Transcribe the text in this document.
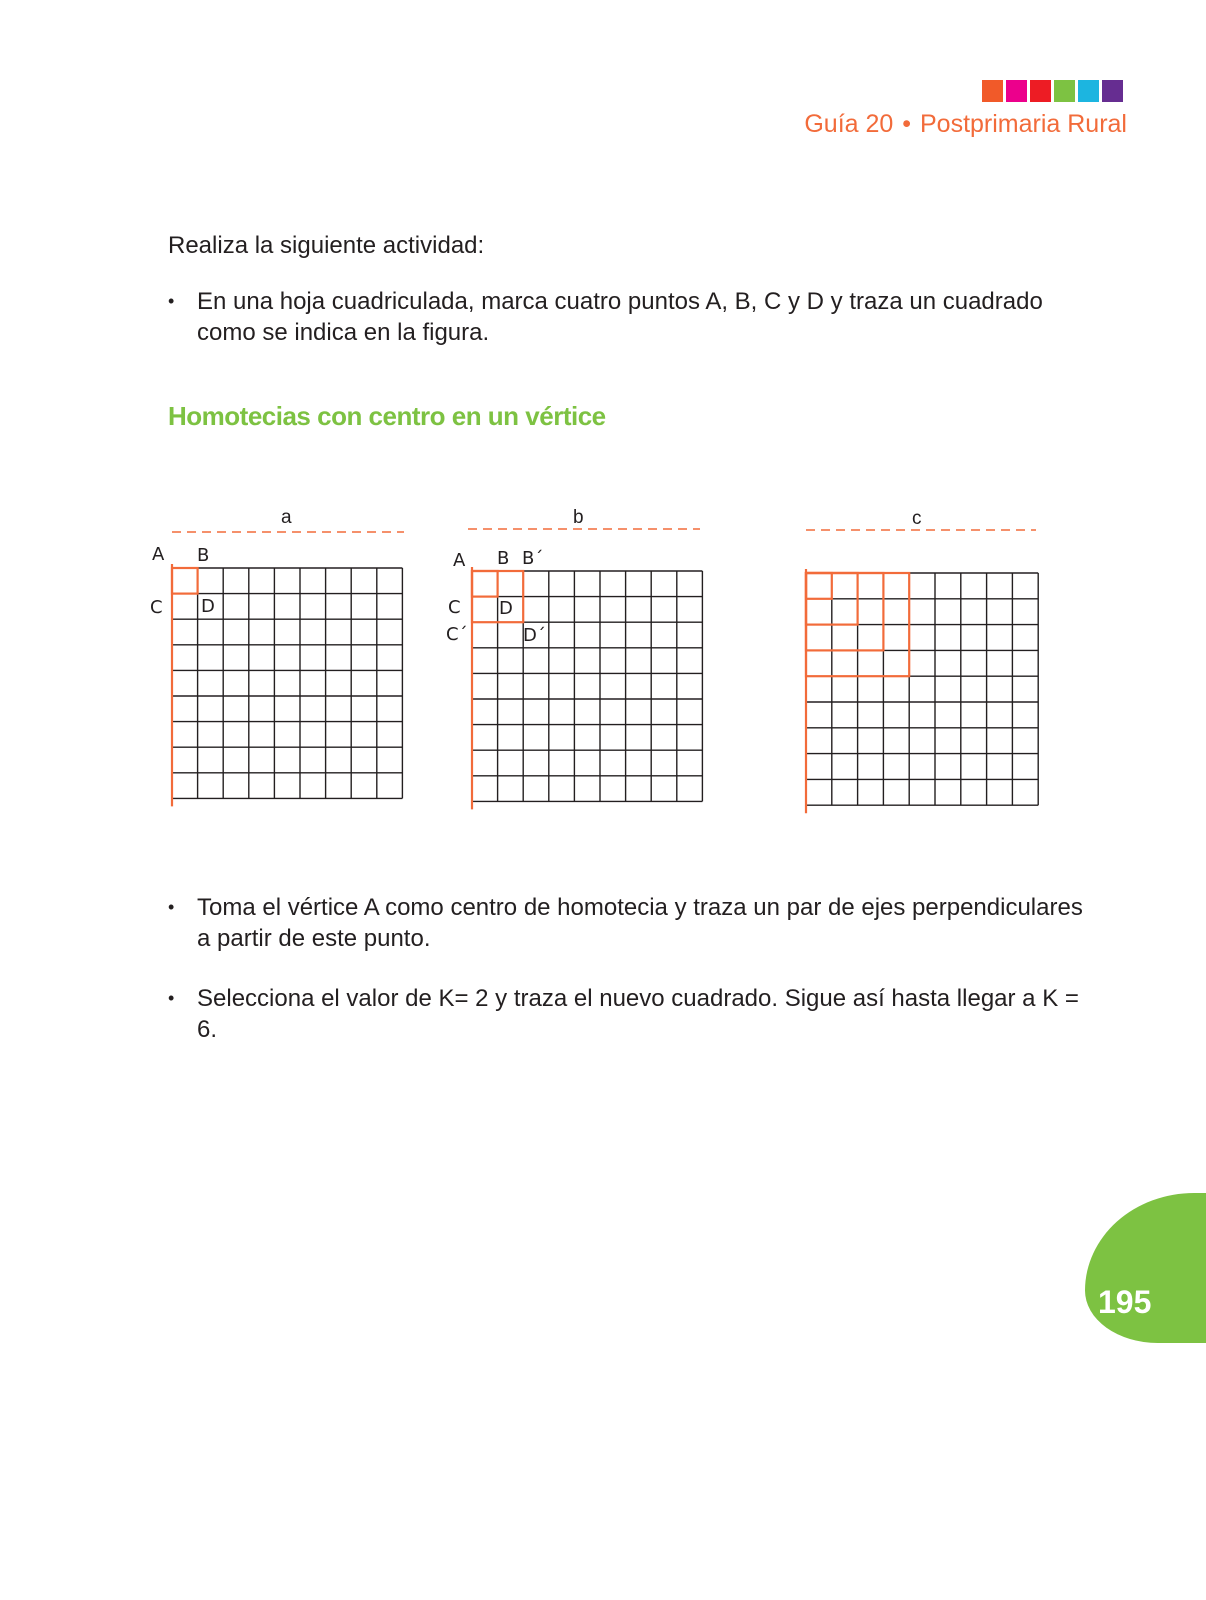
Guía 20 • Postprimaria Rural
Realiza la siguiente actividad:
• En una hoja cuadriculada, marca cuatro puntos A, B, C y D y traza un cuadrado como se indica en la figura.
Homotecias con centro en un vértice
a	b	c
A B
C D
A B B´
C
C´
D
D´
• Toma el vértice A como centro de homotecia y traza un par de ejes perpendiculares a partir de este punto.
• Selecciona el valor de K= 2 y traza el nuevo cuadrado. Sigue así hasta llegar a K = 6.
195
